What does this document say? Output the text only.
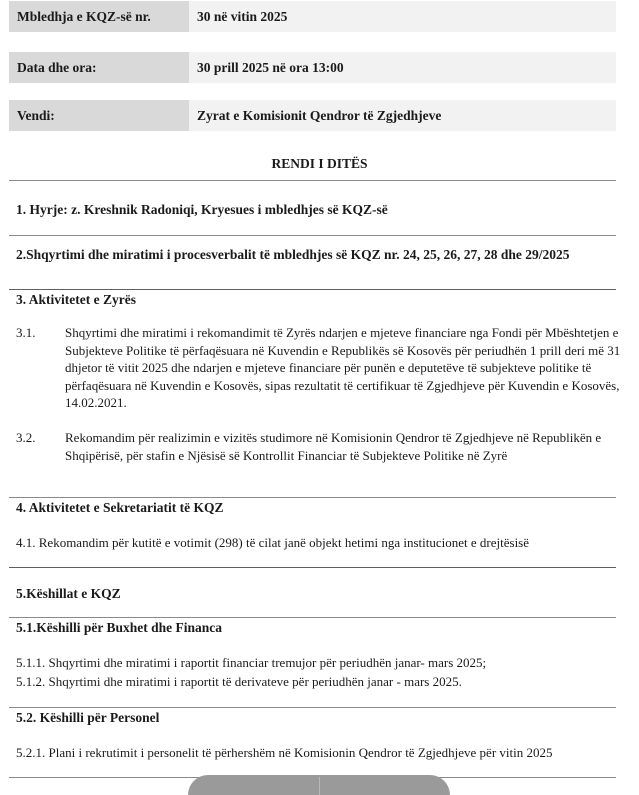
Mbledhja e KQZ-së nr.	30 në vitin 2025
Data dhe ora:	30 prill 2025 në ora 13:00
Vendi:	Zyrat e Komisionit Qendror të Zgjedhjeve
RENDI I DITËS
1. Hyrje: z. Kreshnik Radoniqi, Kryesues i mbledhjes së KQZ-së
2.Shqyrtimi dhe miratimi i procesverbalit të mbledhjes së KQZ nr. 24, 25, 26, 27, 28 dhe 29/2025
3. Aktivitetet e Zyrës
3.1.	Shqyrtimi dhe miratimi i rekomandimit të Zyrës ndarjen e mjeteve financiare nga Fondi për Mbështetjen e Subjekteve Politike të përfaqësuara në Kuvendin e Republikës së Kosovës për periudhën 1 prill deri më 31 dhjetor të vitit 2025 dhe ndarjen e mjeteve financiare për punën e deputetëve të subjekteve politike të përfaqësuara në Kuvendin e Kosovës, sipas rezultatit të certifikuar të Zgjedhjeve për Kuvendin e Kosovës, 14.02.2021.
3.2.	Rekomandim për realizimin e vizitës studimore në Komisionin Qendror të Zgjedhjeve në Republikën e Shqipërisë, për stafin e Njësisë së Kontrollit Financiar të Subjekteve Politike në Zyrë
4. Aktivitetet e Sekretariatit të KQZ
4.1. Rekomandim për kutitë e votimit (298) të cilat janë objekt hetimi nga institucionet e drejtësisë
5.Këshillat e KQZ
5.1.Këshilli për Buxhet dhe Financa
5.1.1. Shqyrtimi dhe miratimi i raportit financiar tremujor për periudhën janar- mars 2025;
5.1.2. Shqyrtimi dhe miratimi i raportit të derivateve për periudhën janar - mars 2025.
5.2. Këshilli për Personel
5.2.1. Plani i rekrutimit i personelit të përhershëm në Komisionin Qendror të Zgjedhjeve për vitin 2025
